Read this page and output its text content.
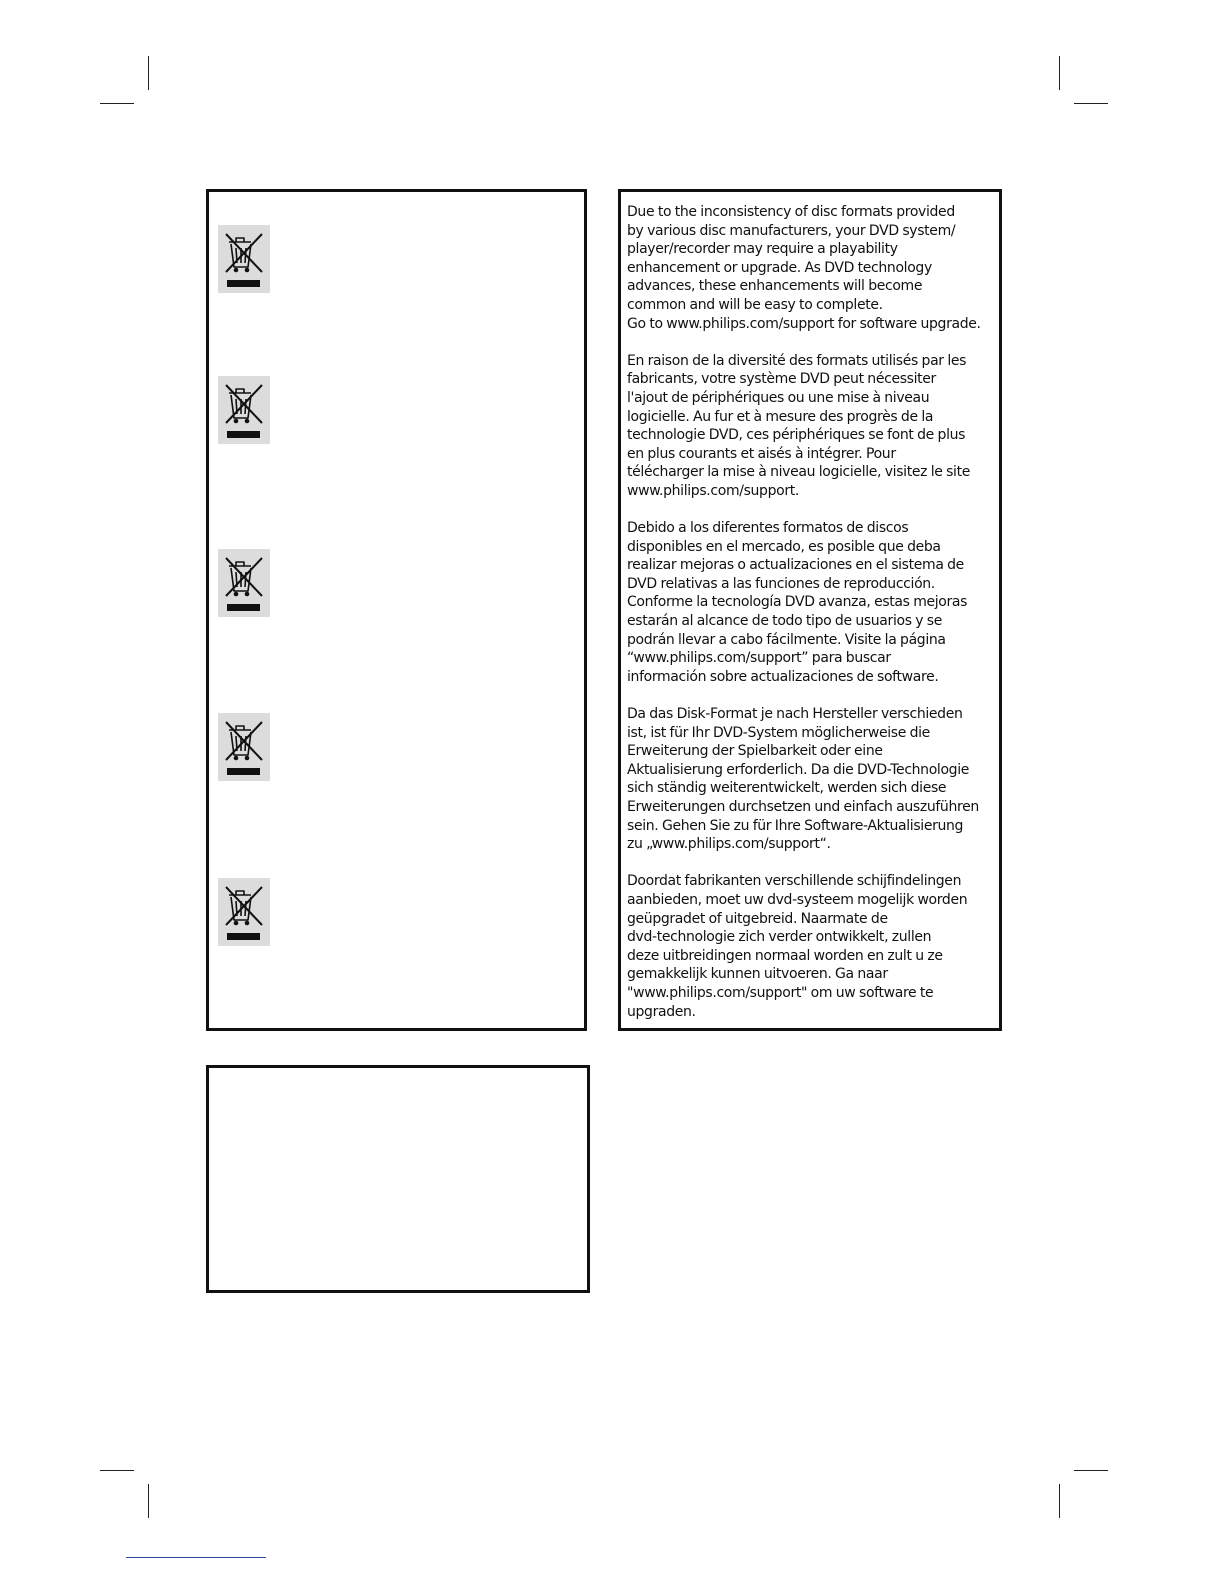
Due to the inconsistency of disc formats provided
by various disc manufacturers, your DVD system/
player/recorder may require a playability
enhancement or upgrade. As DVD technology
advances, these enhancements will become
common and will be easy to complete.
Go to www.philips.com/support for software upgrade.

En raison de la diversité des formats utilisés par les
fabricants, votre système DVD peut nécessiter
l'ajout de périphériques ou une mise à niveau
logicielle. Au fur et à mesure des progrès de la
technologie DVD, ces périphériques se font de plus
en plus courants et aisés à intégrer. Pour
télécharger la mise à niveau logicielle, visitez le site
www.philips.com/support.

Debido a los diferentes formatos de discos
disponibles en el mercado, es posible que deba
realizar mejoras o actualizaciones en el sistema de
DVD relativas a las funciones de reproducción.
Conforme la tecnología DVD avanza, estas mejoras
estarán al alcance de todo tipo de usuarios y se
podrán llevar a cabo fácilmente. Visite la página
“www.philips.com/support” para buscar
información sobre actualizaciones de software.

Da das Disk-Format je nach Hersteller verschieden
ist, ist für Ihr DVD-System möglicherweise die
Erweiterung der Spielbarkeit oder eine
Aktualisierung erforderlich. Da die DVD-Technologie
sich ständig weiterentwickelt, werden sich diese
Erweiterungen durchsetzen und einfach auszuführen
sein. Gehen Sie zu für Ihre Software-Aktualisierung
zu „www.philips.com/support“.

Doordat fabrikanten verschillende schijfindelingen
aanbieden, moet uw dvd-systeem mogelijk worden
geüpgradet of uitgebreid. Naarmate de
dvd-technologie zich verder ontwikkelt, zullen
deze uitbreidingen normaal worden en zult u ze
gemakkelijk kunnen uitvoeren. Ga naar
"www.philips.com/support" om uw software te
upgraden.
